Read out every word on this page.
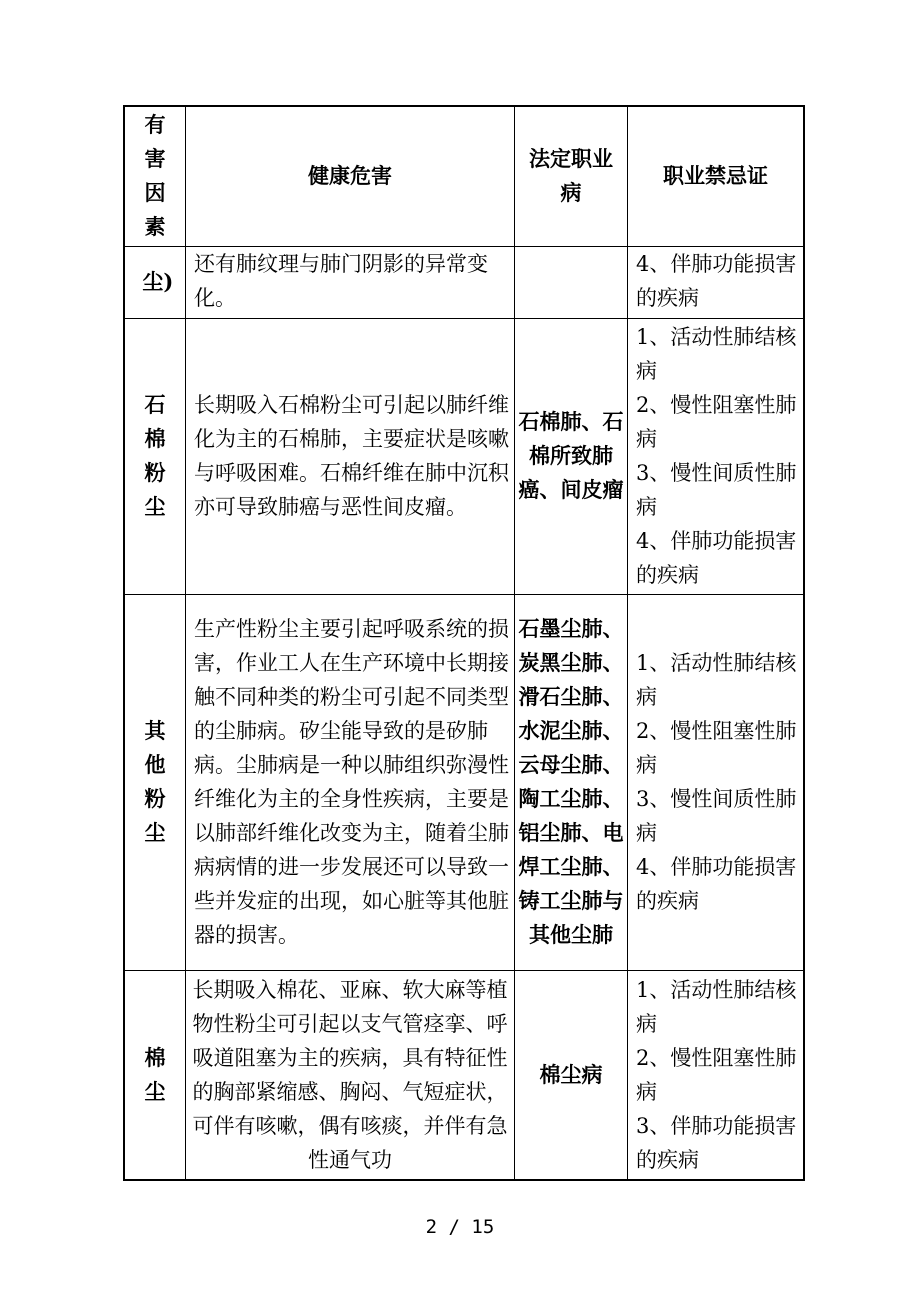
有害因素	健康危害	法定职业病	职业禁忌证

尘)	还有肺纹理与肺门阴影的异常变化。		4、伴肺功能损害的疾病

石棉粉尘	长期吸入石棉粉尘可引起以肺纤维化为主的石棉肺，主要症状是咳嗽与呼吸困难。石棉纤维在肺中沉积亦可导致肺癌与恶性间皮瘤。	石棉肺、石棉所致肺癌、间皮瘤	1、活动性肺结核病
2、慢性阻塞性肺病
3、慢性间质性肺病
4、伴肺功能损害的疾病

其他粉尘	生产性粉尘主要引起呼吸系统的损害，作业工人在生产环境中长期接触不同种类的粉尘可引起不同类型的尘肺病。矽尘能导致的是矽肺病。尘肺病是一种以肺组织弥漫性纤维化为主的全身性疾病，主要是以肺部纤维化改变为主，随着尘肺病病情的进一步发展还可以导致一些并发症的出现，如心脏等其他脏器的损害。	石墨尘肺、炭黑尘肺、滑石尘肺、水泥尘肺、云母尘肺、陶工尘肺、铝尘肺、电焊工尘肺、铸工尘肺与其他尘肺	1、活动性肺结核病
2、慢性阻塞性肺病
3、慢性间质性肺病
4、伴肺功能损害的疾病

棉尘	长期吸入棉花、亚麻、软大麻等植物性粉尘可引起以支气管痉挛、呼吸道阻塞为主的疾病，具有特征性的胸部紧缩感、胸闷、气短症状，可伴有咳嗽，偶有咳痰，并伴有急性通气功	棉尘病	1、活动性肺结核病
2、慢性阻塞性肺病
3、伴肺功能损害的疾病
2 / 15
